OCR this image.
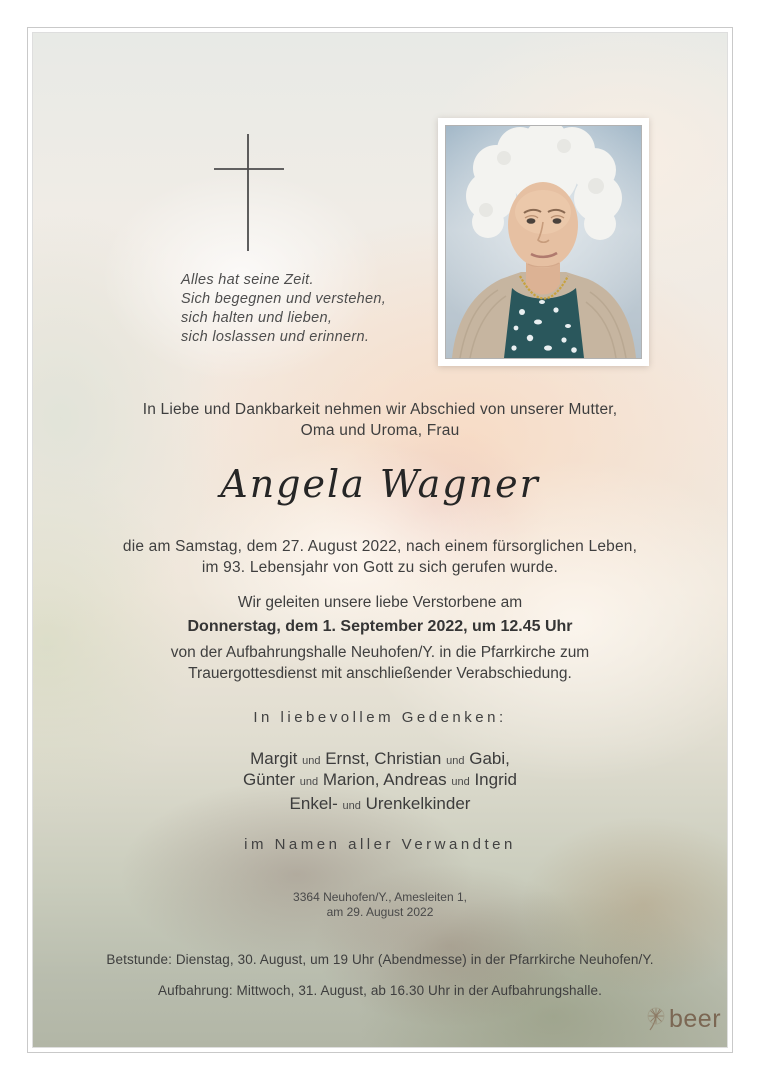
Alles hat seine Zeit.
Sich begegnen und verstehen,
sich halten und lieben,
sich loslassen und erinnern.
In Liebe und Dankbarkeit nehmen wir Abschied von unserer Mutter,
Oma und Uroma, Frau
Angela Wagner
die am Samstag, dem 27. August 2022, nach einem fürsorglichen Leben,
im 93. Lebensjahr von Gott zu sich gerufen wurde.
Wir geleiten unsere liebe Verstorbene am
Donnerstag, dem 1. September 2022, um 12.45 Uhr
von der Aufbahrungshalle Neuhofen/Y. in die Pfarrkirche zum
Trauergottesdienst mit anschließender Verabschiedung.
In liebevollem Gedenken:
Margit und Ernst, Christian und Gabi,
Günter und Marion, Andreas und Ingrid
Enkel- und Urenkelkinder
im Namen aller Verwandten
3364 Neuhofen/Y., Amesleiten 1,
am 29. August 2022
Betstunde: Dienstag, 30. August, um 19 Uhr (Abendmesse) in der Pfarrkirche Neuhofen/Y.
Aufbahrung: Mittwoch, 31. August, ab 16.30 Uhr in der Aufbahrungshalle.
beer
